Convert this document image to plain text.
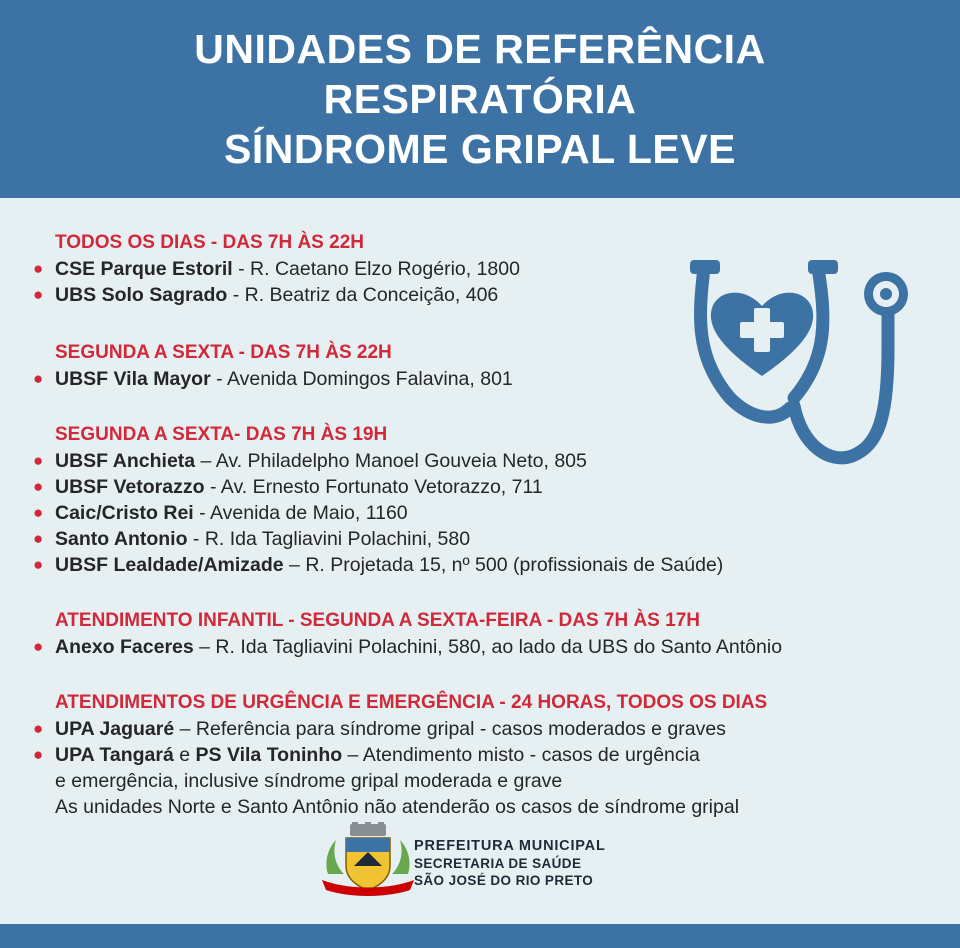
UNIDADES DE REFERÊNCIA
RESPIRATÓRIA
SÍNDROME GRIPAL LEVE
TODOS OS DIAS - DAS 7H ÀS 22H
● CSE Parque Estoril - R. Caetano Elzo Rogério, 1800
● UBS Solo Sagrado - R. Beatriz da Conceição, 406
SEGUNDA A SEXTA - DAS 7H ÀS 22H
● UBSF Vila Mayor - Avenida Domingos Falavina, 801
SEGUNDA A SEXTA- DAS 7H ÀS 19H
● UBSF Anchieta – Av. Philadelpho Manoel Gouveia Neto, 805
● UBSF Vetorazzo - Av. Ernesto Fortunato Vetorazzo, 711
● Caic/Cristo Rei - Avenida de Maio, 1160
● Santo Antonio - R. Ida Tagliavini Polachini, 580
● UBSF Lealdade/Amizade – R. Projetada 15, nº 500 (profissionais de Saúde)
ATENDIMENTO INFANTIL - SEGUNDA A SEXTA-FEIRA - DAS 7H ÀS 17H
● Anexo Faceres – R. Ida Tagliavini Polachini, 580, ao lado da UBS do Santo Antônio
ATENDIMENTOS DE URGÊNCIA E EMERGÊNCIA - 24 HORAS, TODOS OS DIAS
● UPA Jaguaré – Referência para síndrome gripal - casos moderados e graves
● UPA Tangará e PS Vila Toninho – Atendimento misto - casos de urgência
e emergência, inclusive síndrome gripal moderada e grave
As unidades Norte e Santo Antônio não atenderão os casos de síndrome gripal
PREFEITURA MUNICIPAL
SECRETARIA DE SAÚDE
SÃO JOSÉ DO RIO PRETO
